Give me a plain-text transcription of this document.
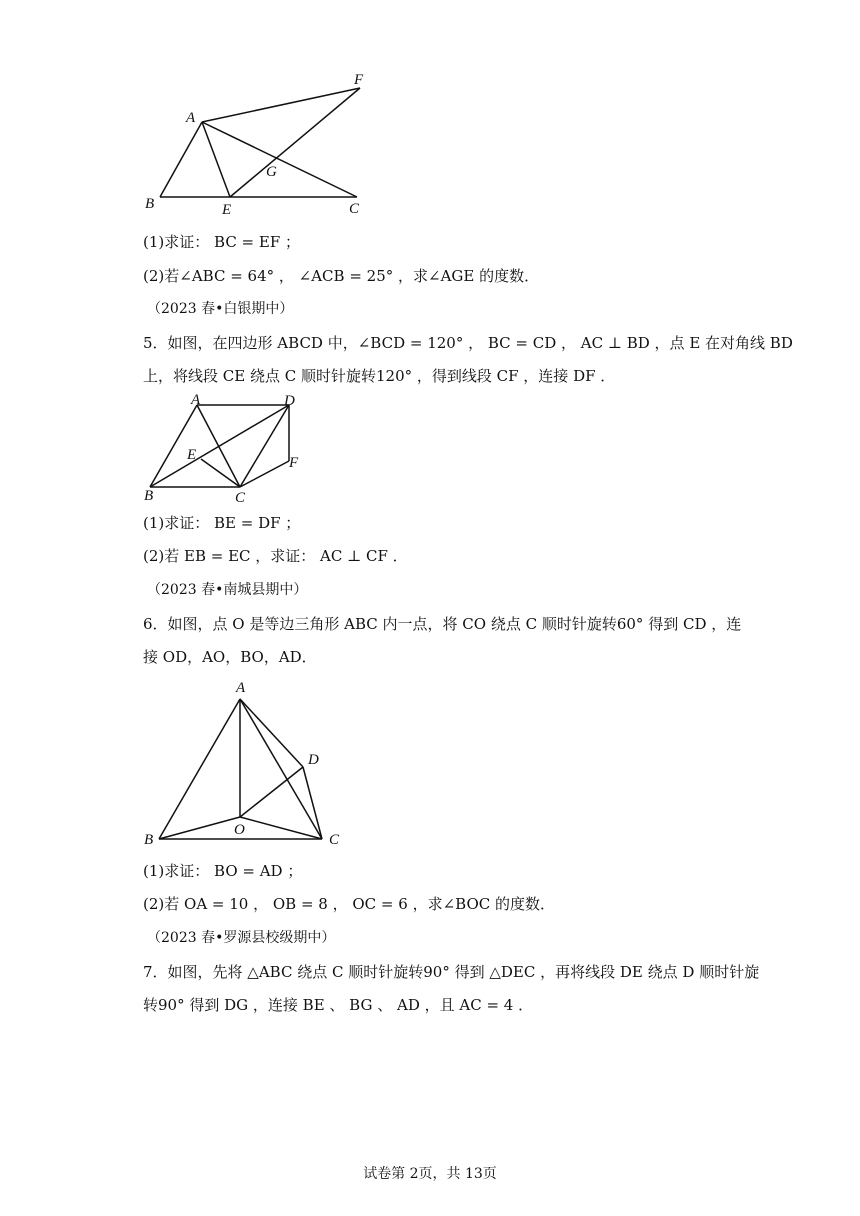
A
B	C
E
F
G
(1)求证： BC = EF ；
(2)若∠ABC = 64° ， ∠ACB = 25° ，求∠AGE 的度数．
（2023 春•白银期中）
5．如图，在四边形 ABCD 中，∠BCD = 120° ， BC = CD ， AC ⊥ BD ，点 E 在对角线 BD
上，将线段 CE 绕点 C 顺时针旋转120° ，得到线段 CF ，连接 DF ．
A
B	C
D
E	F
(1)求证： BE = DF ；
(2)若 EB = EC ，求证： AC ⊥ CF ．
（2023 春•南城县期中）
6．如图，点 O 是等边三角形 ABC 内一点，将 CO 绕点 C 顺时针旋转60° 得到 CD ，连
接 OD，AO，BO，AD．
A
B	C
D
O
(1)求证： BO = AD ；
(2)若 OA = 10 ， OB = 8 ， OC = 6 ，求∠BOC 的度数．
（2023 春•罗源县校级期中）
7．如图，先将 △ABC 绕点 C 顺时针旋转90° 得到 △DEC ，再将线段 DE 绕点 D 顺时针旋
转90° 得到 DG ，连接 BE 、 BG 、 AD ，且 AC = 4 ．
试卷第 2页，共 13页
